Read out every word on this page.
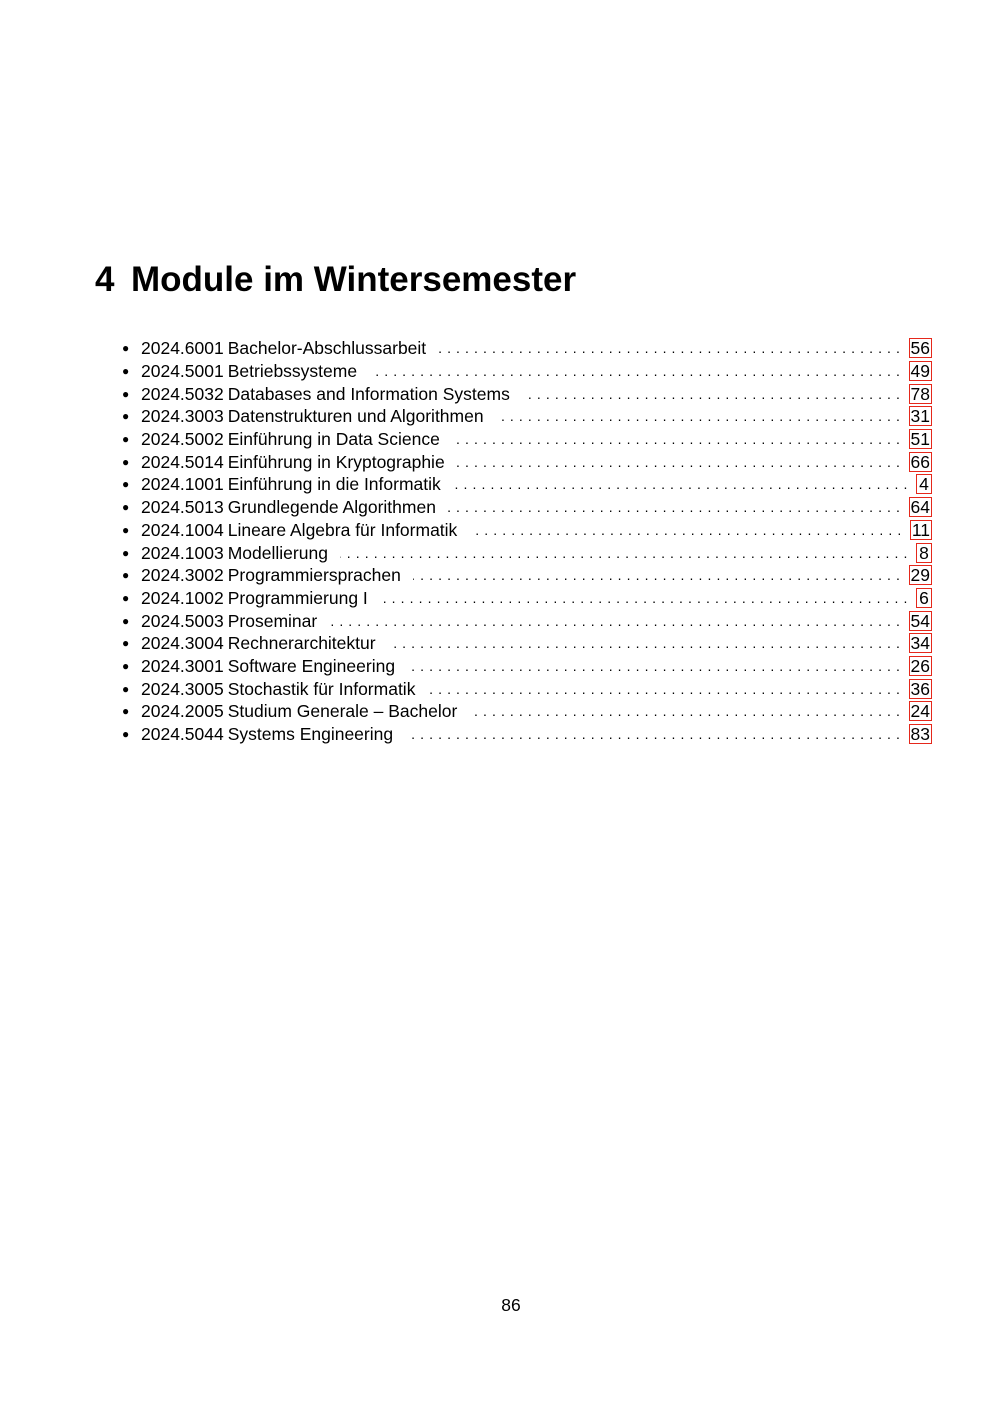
4 Module im Wintersemester
● 2024.6001 Bachelor-Abschlussarbeit . . .	56
● 2024.5001 Betriebssysteme . . .	49
● 2024.5032 Databases and Information Systems . . .	78
● 2024.3003 Datenstrukturen und Algorithmen . . .	31
● 2024.5002 Einführung in Data Science . . .	51
● 2024.5014 Einführung in Kryptographie . . .	66
● 2024.1001 Einführung in die Informatik . . .	4
● 2024.5013 Grundlegende Algorithmen . . .	64
● 2024.1004 Lineare Algebra für Informatik . . .	11
● 2024.1003 Modellierung . . .	8
● 2024.3002 Programmiersprachen . . .	29
● 2024.1002 Programmierung I . . .	6
● 2024.5003 Proseminar . . .	54
● 2024.3004 Rechnerarchitektur . . .	34
● 2024.3001 Software Engineering . . .	26
● 2024.3005 Stochastik für Informatik . . .	36
● 2024.2005 Studium Generale – Bachelor . . .	24
● 2024.5044 Systems Engineering . . .	83
86
